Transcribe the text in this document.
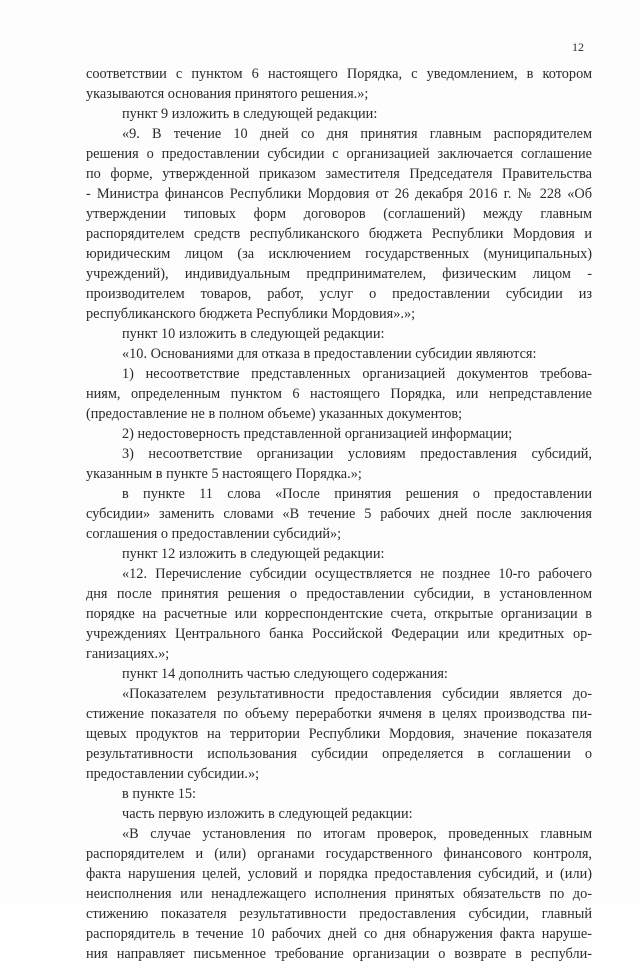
12
соответствии с пунктом 6 настоящего Порядка, с уведомлением, в котором
указываются основания принятого решения.»;
пункт 9 изложить в следующей редакции:
«9. В течение 10 дней со дня принятия главным распорядителем
решения о предоставлении субсидии с организацией заключается соглашение
по форме, утвержденной приказом заместителя Председателя Правительства
- Министра финансов Республики Мордовия от 26 декабря 2016 г. № 228 «Об
утверждении типовых форм договоров (соглашений) между главным
распорядителем средств республиканского бюджета Республики Мордовия и
юридическим лицом (за исключением государственных (муниципальных)
учреждений), индивидуальным предпринимателем, физическим лицом -
производителем товаров, работ, услуг о предоставлении субсидии из
республиканского бюджета Республики Мордовия».»;
пункт 10 изложить в следующей редакции:
«10. Основаниями для отказа в предоставлении субсидии являются:
1) несоответствие представленных организацией документов требова-
ниям, определенным пунктом 6 настоящего Порядка, или непредставление
(предоставление не в полном объеме) указанных документов;
2) недостоверность представленной организацией информации;
3) несоответствие организации условиям предоставления субсидий,
указанным в пункте 5 настоящего Порядка.»;
в пункте 11 слова «После принятия решения о предоставлении
субсидии» заменить словами «В течение 5 рабочих дней после заключения
соглашения о предоставлении субсидий»;
пункт 12 изложить в следующей редакции:
«12. Перечисление субсидии осуществляется не позднее 10-го рабочего
дня после принятия решения о предоставлении субсидии, в установленном
порядке на расчетные или корреспондентские счета, открытые организации в
учреждениях Центрального банка Российской Федерации или кредитных ор-
ганизациях.»;
пункт 14 дополнить частью следующего содержания:
«Показателем результативности предоставления субсидии является до-
стижение показателя по объему переработки ячменя в целях производства пи-
щевых продуктов на территории Республики Мордовия, значение показателя
результативности использования субсидии определяется в соглашении о
предоставлении субсидии.»;
в пункте 15:
часть первую изложить в следующей редакции:
«В случае установления по итогам проверок, проведенных главным
распорядителем и (или) органами государственного финансового контроля,
факта нарушения целей, условий и порядка предоставления субсидий, и (или)
неисполнения или ненадлежащего исполнения принятых обязательств по до-
стижению показателя результативности предоставления субсидии, главный
распорядитель в течение 10 рабочих дней со дня обнаружения факта наруше-
ния направляет письменное требование организации о возврате в республи-
